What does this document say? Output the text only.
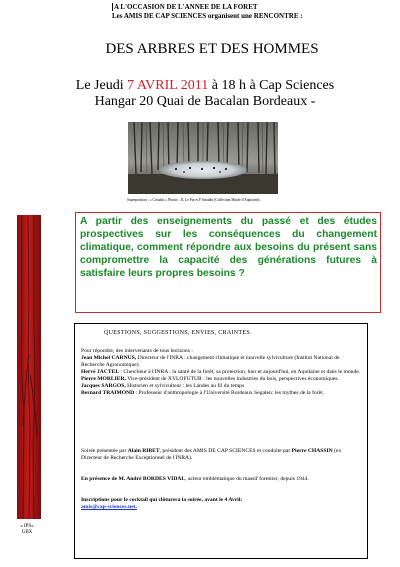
A L'OCCASION DE L'ANNEE DE LA FORET
Les AMIS DE CAP SCIENCES organisent une RENCONTRE :
DES ARBRES ET DES HOMMES
Le Jeudi 7 AVRIL 2011 à 18 h à Cap Sciences
Hangar 20 Quai de Bacalan Bordeaux -
Superposition : « Coraalis » Photos : JL Le Fur et F.Amadin (Collection Musée d'Aquitaine).
A partir des enseignements du passé et des études prospectives sur les conséquences du changement climatique, comment répondre aux besoins du présent sans compromettre la capacité des générations futures à satisfaire leurs propres besoins ?
QUESTIONS, SUGGESTIONS, ENVIES, CRAINTES.
Pour répondre, des intervenants de tous horizons :
Jean Michel CARNUS, Directeur de l'INRA : changement climatique et nouvelle sylviculture (Institut National de Recherche Agronomique).
Hervé JACTEL : Chercheur à l'INRA : la santé de la forêt, sa protection, hier et aujourd'hui, en Aquitaine et dans le monde.
Pierre MORLIER, Vice-président de XYLOFUTUR : les nouvelles industries du bois, perspectives économiques.
Jacques SARGOS, Historien et sylviculteur : les Landes au fil du temps
Bernard TRAIMOND : Professeur d'anthropologie à l'Université Bordeaux Segalen: les mythes de la forêt.
Soirée présentée par Alain RIBET, président des AMIS DE CAP SCIENCES et conduite par Pierre CHASSIN (ex Directeur de Recherche Exceptionnel de l'INRA).
En présence de M. André BORDES VIDAL, acteur emblématique du massif forestier, depuis 1944.
Inscriptions pour le cocktail qui clôturera la soirée, avant le 4 Avril:
amis@cap-sciences.net.
« IPS»
GBX
